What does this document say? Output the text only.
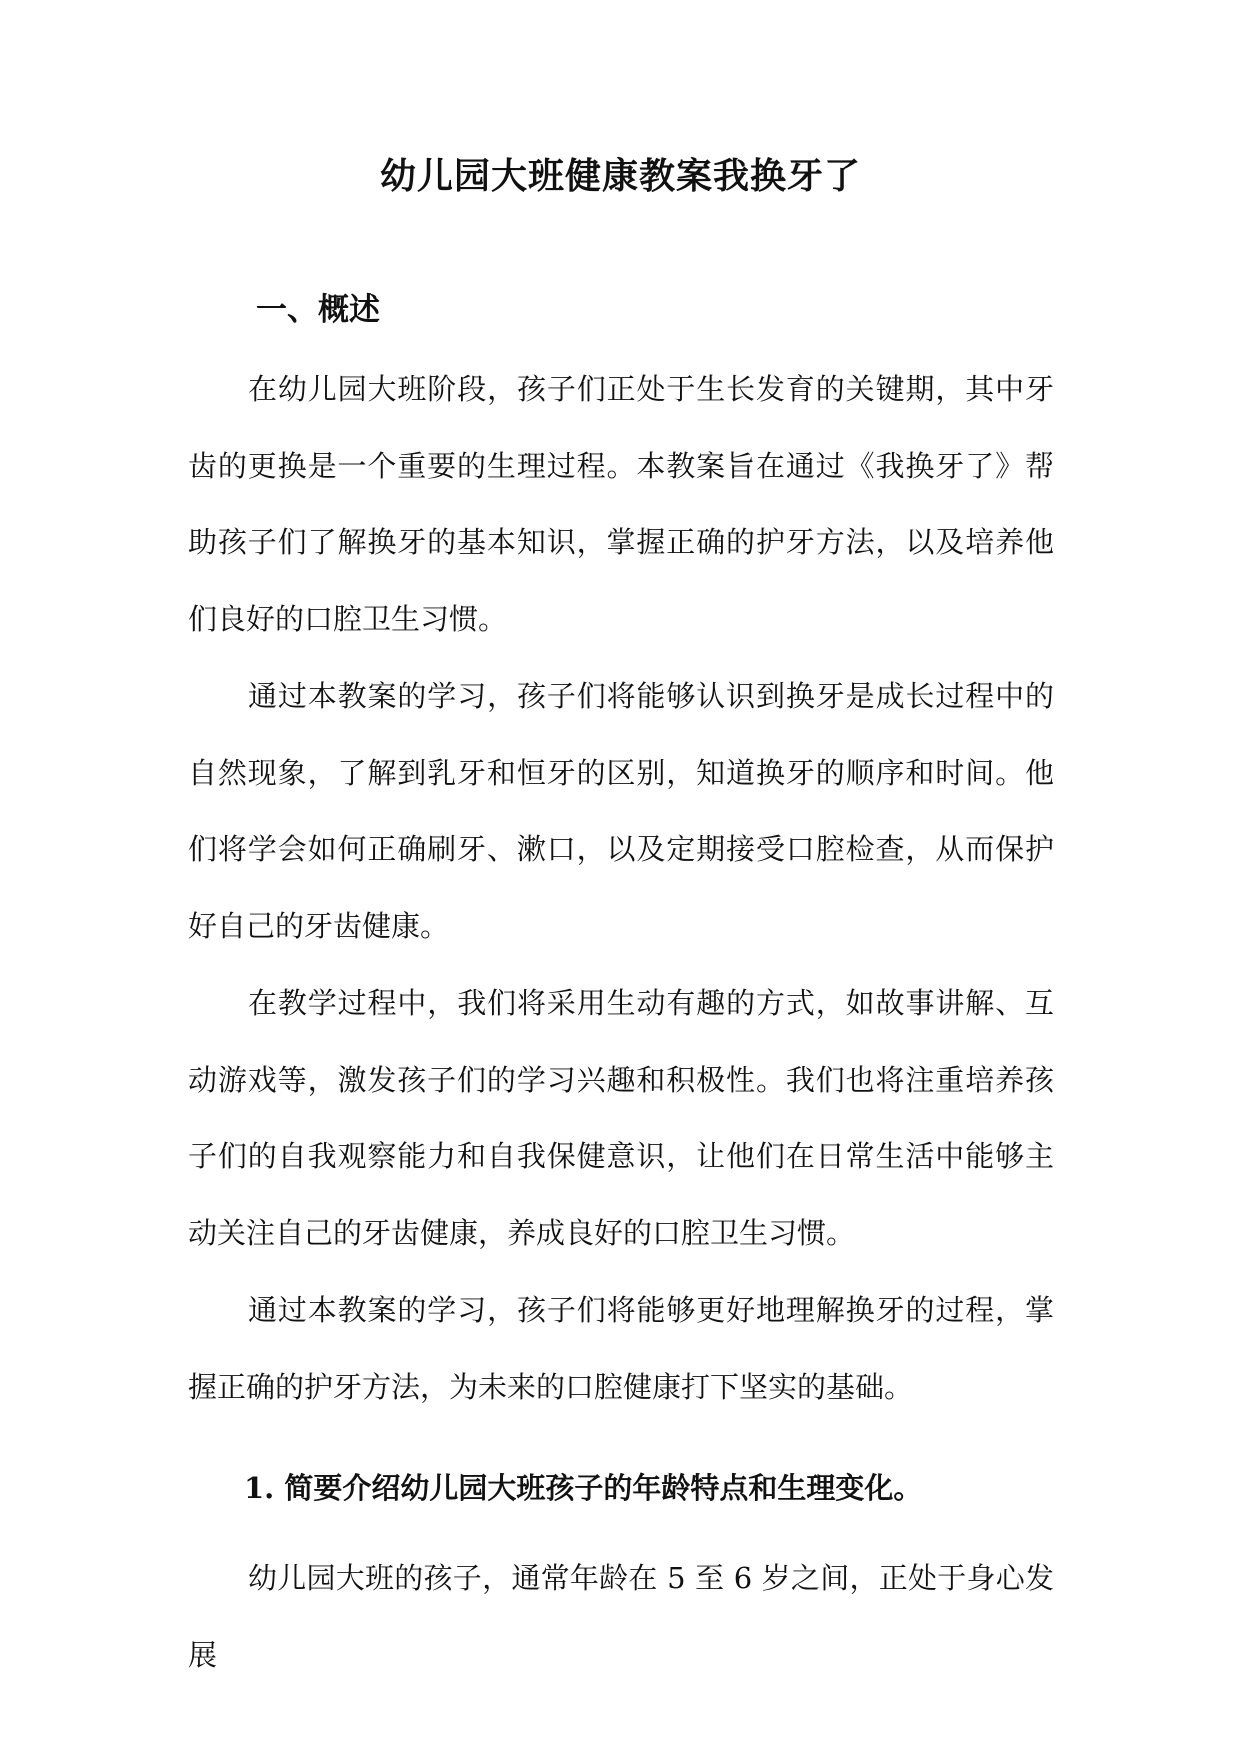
幼儿园大班健康教案我换牙了
一、概述

在幼儿园大班阶段，孩子们正处于生长发育的关键期，其中牙齿的更换是一个重要的生理过程。本教案旨在通过《我换牙了》帮助孩子们了解换牙的基本知识，掌握正确的护牙方法，以及培养他们良好的口腔卫生习惯。

通过本教案的学习，孩子们将能够认识到换牙是成长过程中的自然现象，了解到乳牙和恒牙的区别，知道换牙的顺序和时间。他们将学会如何正确刷牙、漱口，以及定期接受口腔检查，从而保护好自己的牙齿健康。

在教学过程中，我们将采用生动有趣的方式，如故事讲解、互动游戏等，激发孩子们的学习兴趣和积极性。我们也将注重培养孩子们的自我观察能力和自我保健意识，让他们在日常生活中能够主动关注自己的牙齿健康，养成良好的口腔卫生习惯。

通过本教案的学习，孩子们将能够更好地理解换牙的过程，掌握正确的护牙方法，为未来的口腔健康打下坚实的基础。

1. 简要介绍幼儿园大班孩子的年龄特点和生理变化。

幼儿园大班的孩子，通常年龄在 5 至 6 岁之间，正处于身心发展
